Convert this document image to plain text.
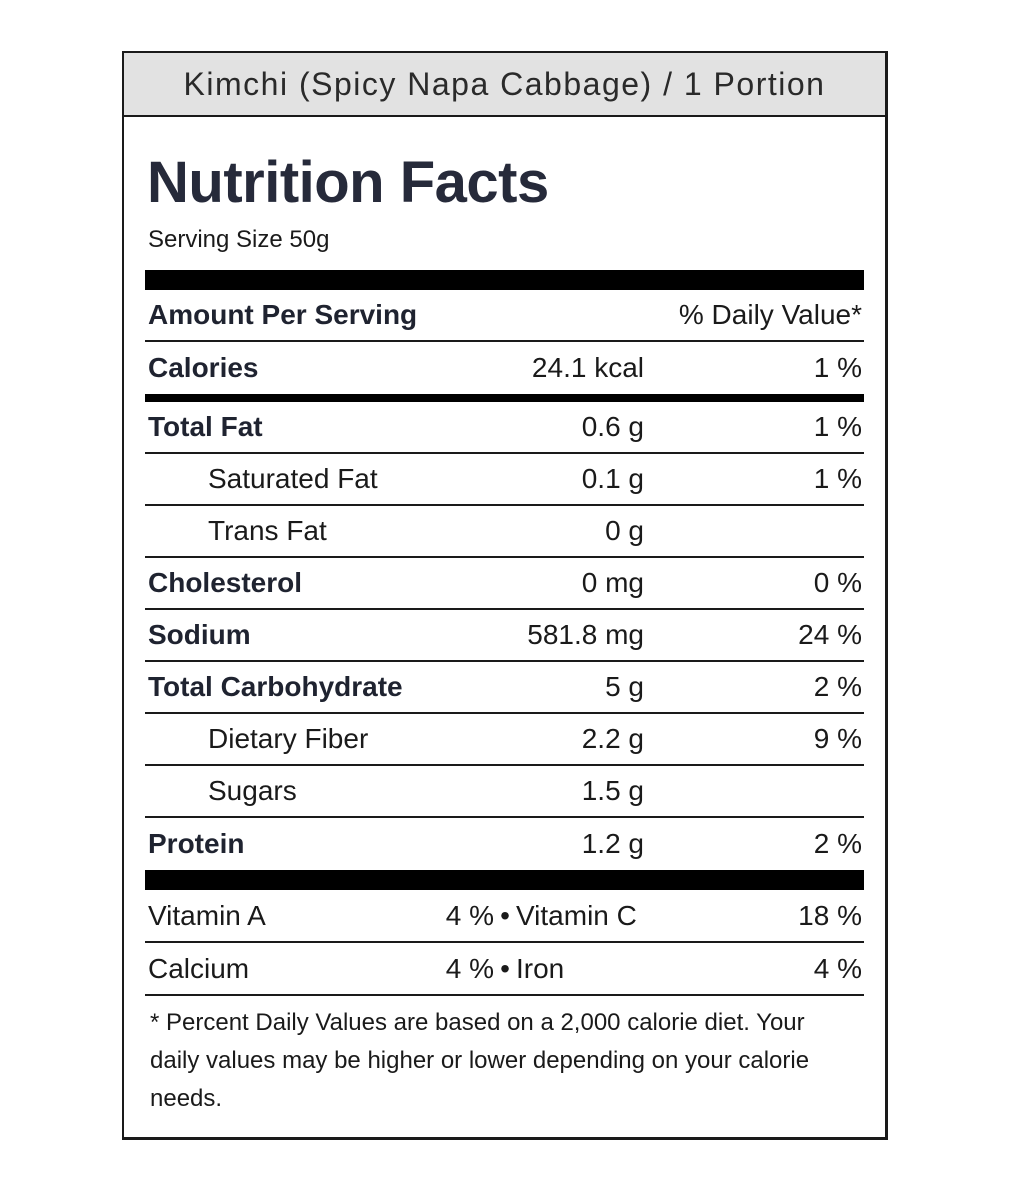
Kimchi (Spicy Napa Cabbage) / 1 Portion
Nutrition Facts
Serving Size 50g
Amount Per Serving	% Daily Value*
Calories	24.1 kcal	1 %
Total Fat	0.6 g	1 %
Saturated Fat	0.1 g	1 %
Trans Fat	0 g
Cholesterol	0 mg	0 %
Sodium	581.8 mg	24 %
Total Carbohydrate	5 g	2 %
Dietary Fiber	2.2 g	9 %
Sugars	1.5 g
Protein	1.2 g	2 %
Vitamin A	4 % • Vitamin C	18 %
Calcium	4 % • Iron	4 %
* Percent Daily Values are based on a 2,000 calorie diet. Your daily values may be higher or lower depending on your calorie needs.
